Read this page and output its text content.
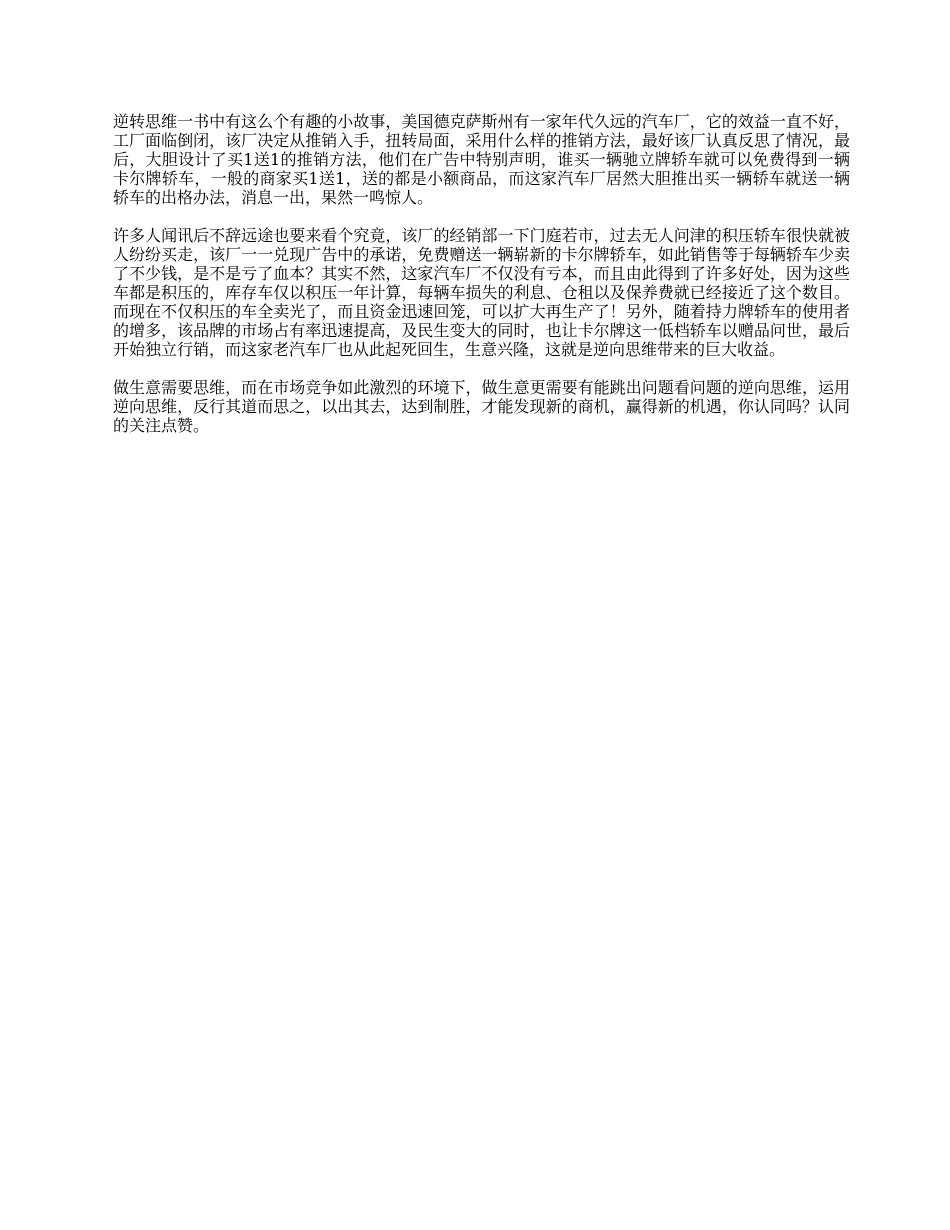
逆转思维一书中有这么个有趣的小故事，美国德克萨斯州有一家年代久远的汽车厂，它的效益一直不好，工厂面临倒闭，该厂决定从推销入手，扭转局面，采用什么样的推销方法，最好该厂认真反思了情况，最后，大胆设计了买1送1的推销方法，他们在广告中特别声明，谁买一辆驰立牌轿车就可以免费得到一辆卡尔牌轿车，一般的商家买1送1，送的都是小额商品，而这家汽车厂居然大胆推出买一辆轿车就送一辆轿车的出格办法，消息一出，果然一鸣惊人。

许多人闻讯后不辞远途也要来看个究竟，该厂的经销部一下门庭若市，过去无人问津的积压轿车很快就被人纷纷买走，该厂一一兑现广告中的承诺，免费赠送一辆崭新的卡尔牌轿车，如此销售等于每辆轿车少卖了不少钱，是不是亏了血本？其实不然，这家汽车厂不仅没有亏本，而且由此得到了许多好处，因为这些车都是积压的，库存车仅以积压一年计算，每辆车损失的利息、仓租以及保养费就已经接近了这个数目。而现在不仅积压的车全卖光了，而且资金迅速回笼，可以扩大再生产了！另外，随着持力牌轿车的使用者的增多，该品牌的市场占有率迅速提高，及民生变大的同时，也让卡尔牌这一低档轿车以赠品问世，最后开始独立行销，而这家老汽车厂也从此起死回生，生意兴隆，这就是逆向思维带来的巨大收益。

做生意需要思维，而在市场竞争如此激烈的环境下，做生意更需要有能跳出问题看问题的逆向思维，运用逆向思维，反行其道而思之，以出其去，达到制胜，才能发现新的商机，赢得新的机遇，你认同吗？认同的关注点赞。
